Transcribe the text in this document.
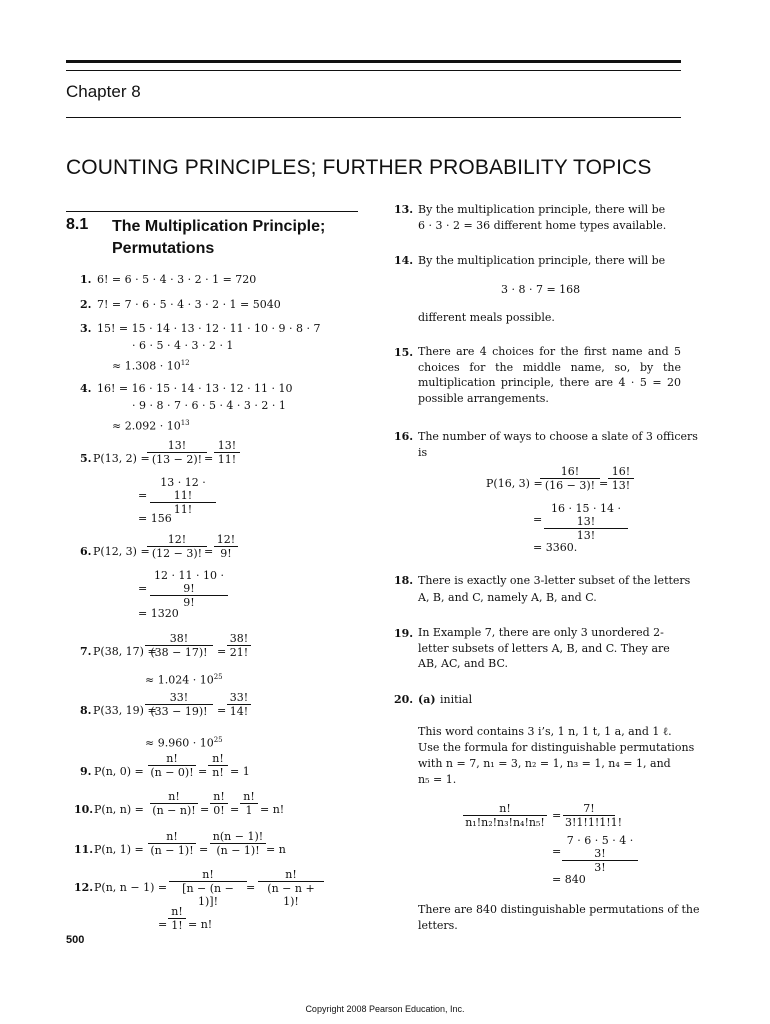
Chapter 8
COUNTING PRINCIPLES; FURTHER PROBABILITY TOPICS
8.1 The Multiplication Principle; Permutations
1. 6! = 6 · 5 · 4 · 3 · 2 · 1 = 720
2. 7! = 7 · 6 · 5 · 4 · 3 · 2 · 1 = 5040
3. 15! = 15 · 14 · 13 · 12 · 11 · 10 · 9 · 8 · 7
· 6 · 5 · 4 · 3 · 2 · 1
≈ $1.308 \cdot 10^{12}$
4. 16! = 16 · 15 · 14 · 13 · 12 · 11 · 10
· 9 · 8 · 7 · 6 · 5 · 4 · 3 · 2 · 1
≈ $2.092 \cdot 10^{13}$
5. P(13, 2) =
$\frac{13!}{(13 - 2)!}$
= $\frac{13!}{11!}$
= $\frac{13 \cdot 12 \cdot 11!}{11!}$
= 156
6. P(12, 3) =
$\frac{12!}{(12 - 3)!}$
= $\frac{12!}{9!}$
= $\frac{12 \cdot 11 \cdot 10 \cdot 9!}{9!}$
= 1320
7. P(38, 17) =
$\frac{38!}{(38 - 17)!} = \frac{38!}{21!}$
≈ $1.024 \cdot 10^{25}$
8. P(33, 19) =
$\frac{33!}{(33 - 19)!} = \frac{33!}{14!}$
≈ $9.960 \cdot 10^{25}$
9. P(n, $0) = \frac{n!}{(n - 0)!} = \frac{n!}{n!} = 1$
10. P(n, $n) = \frac{n!}{(n - n)!} = \frac{n!}{0!} = \frac{n!}{1} = n$!
11. P(n, $1) = \frac{n!}{(n - 1)!} = \frac{n(n - 1)!}{(n - 1)!} = n$
12. P(n, $n - 1) = \frac{n!}{[n - (n - 1)]!} = \frac{n!}{(n - n + 1)!}$
= $\frac{n!}{1!} = n$!
13. By the multiplication principle, there will be
6 · 3 · 2 = 36 different home types available.
14. By the multiplication principle, there will be
3 · 8 · 7 = 168
different meals possible.
15. There are 4 choices for the first name and 5 choices for the middle name, so, by the multiplication principle, there are 4 · 5 = 20 possible arrangements.
16. The number of ways to choose a slate of 3 officers
is
P(16, 3) =
$\frac{16!}{(16 - 3)!} = \frac{16!}{13!}$
= $\frac{16 \cdot 15 \cdot 14 \cdot 13!}{13!}$
= 3360.
18. There is exactly one 3-letter subset of the letters
A, B, and C, namely A, B, and C.
19. In Example 7, there are only 3 unordered 2-letter subsets of letters A, B, and C. They are AB, AC, and BC.
20. (a) initial
This word contains 3 i’s, 1 n, 1 t, 1 a, and 1 ℓ.
Use the formula for distinguishable permutations
with n = 7, n₁ = 3, n₂ = 1, n₃ = 1, n₄ = 1, and
n₅ = 1.
$\frac{n!}{\text{n₁!n₂!n₃!n₄!n₅!}} = \frac{7!}{3!1!1!1!1!}$
= $\frac{7 \cdot 6 \cdot 5 \cdot 4 \cdot 3!}{3!}$
= 840
There are 840 distinguishable permutations of the
letters.
500
Copyright 2008 Pearson Education, Inc.
